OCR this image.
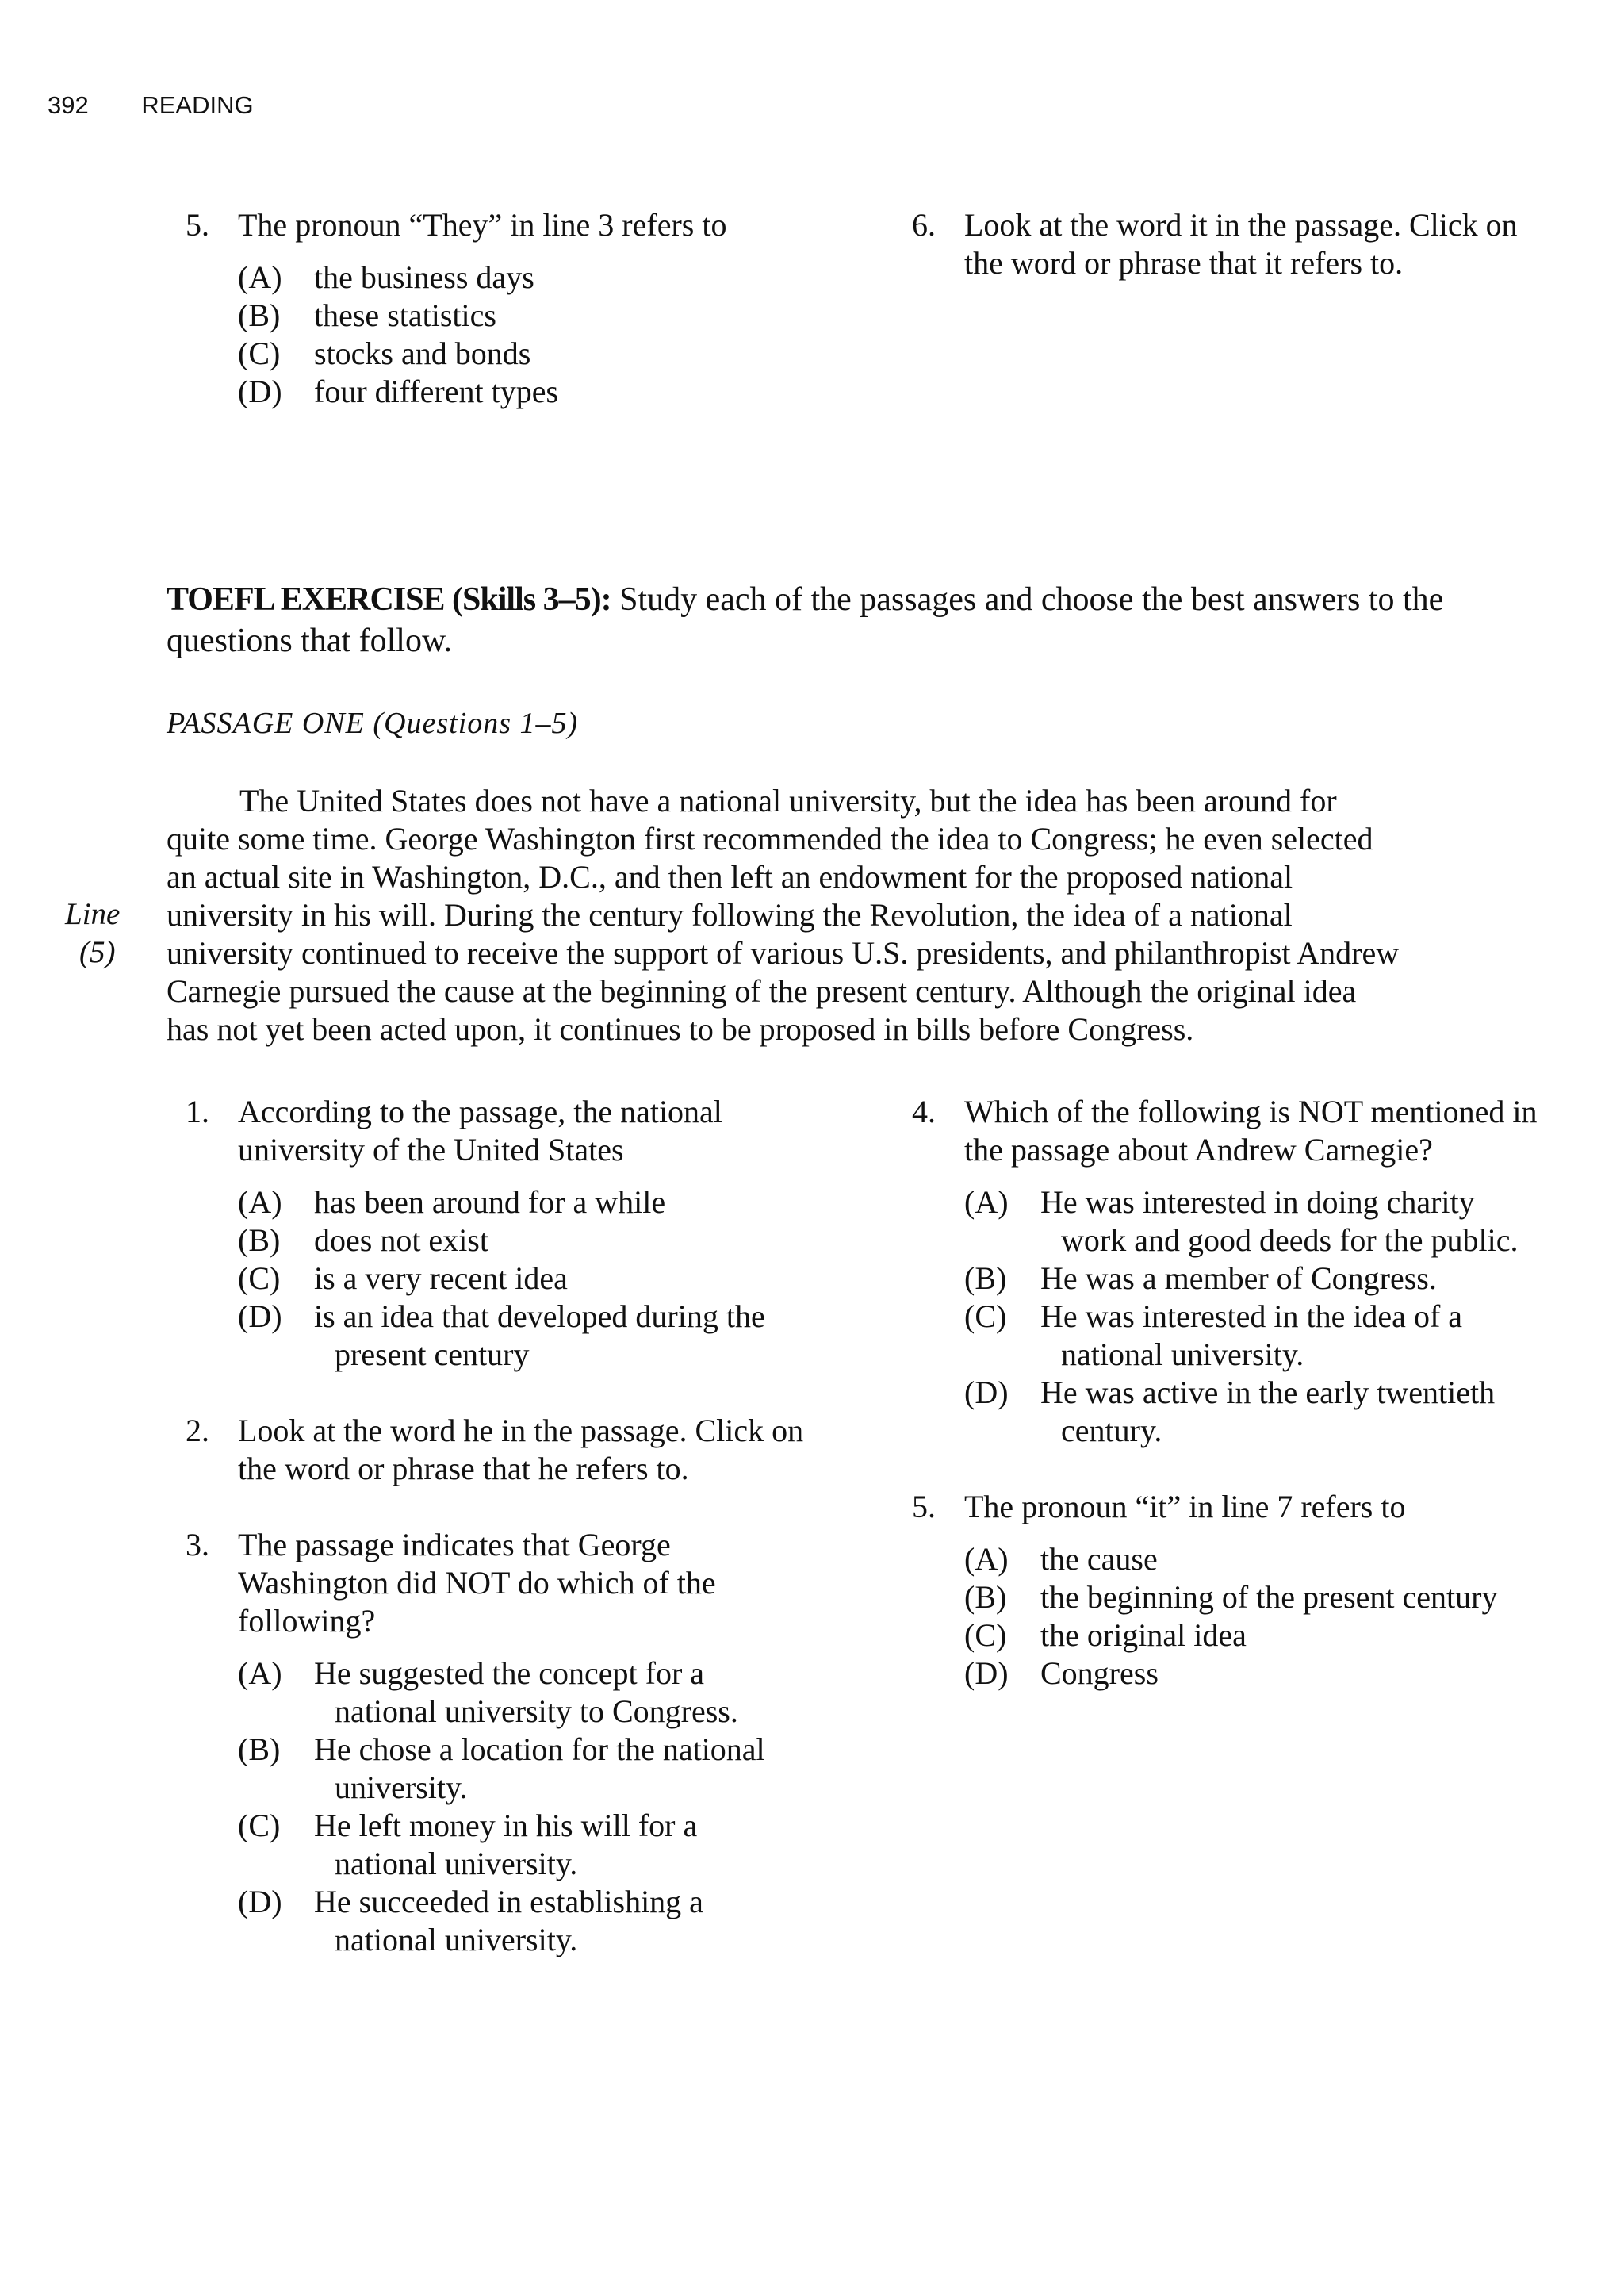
392 READING
5. The pronoun “They” in line 3 refers to
(A) the business days
(B) these statistics
(C) stocks and bonds
(D) four different types
6. Look at the word it in the passage. Click on the word or phrase that it refers to.
TOEFL EXERCISE (Skills 3–5): Study each of the passages and choose the best answers to the questions that follow.
PASSAGE ONE (Questions 1–5)
Line
(5)
The United States does not have a national university, but the idea has been around for
quite some time. George Washington first recommended the idea to Congress; he even selected
an actual site in Washington, D.C., and then left an endowment for the proposed national
university in his will. During the century following the Revolution, the idea of a national
university continued to receive the support of various U.S. presidents, and philanthropist Andrew
Carnegie pursued the cause at the beginning of the present century. Although the original idea
has not yet been acted upon, it continues to be proposed in bills before Congress.
1. According to the passage, the national university of the United States
(A) has been around for a while
(B) does not exist
(C) is a very recent idea
(D) is an idea that developed during the present century
2. Look at the word he in the passage. Click on the word or phrase that he refers to.
3. The passage indicates that George Washington did NOT do which of the following?
(A) He suggested the concept for a national university to Congress.
(B) He chose a location for the national university.
(C) He left money in his will for a national university.
(D) He succeeded in establishing a national university.
4. Which of the following is NOT mentioned in the passage about Andrew Carnegie?
(A) He was interested in doing charity work and good deeds for the public.
(B) He was a member of Congress.
(C) He was interested in the idea of a national university.
(D) He was active in the early twentieth century.
5. The pronoun “it” in line 7 refers to
(A) the cause
(B) the beginning of the present century
(C) the original idea
(D) Congress
